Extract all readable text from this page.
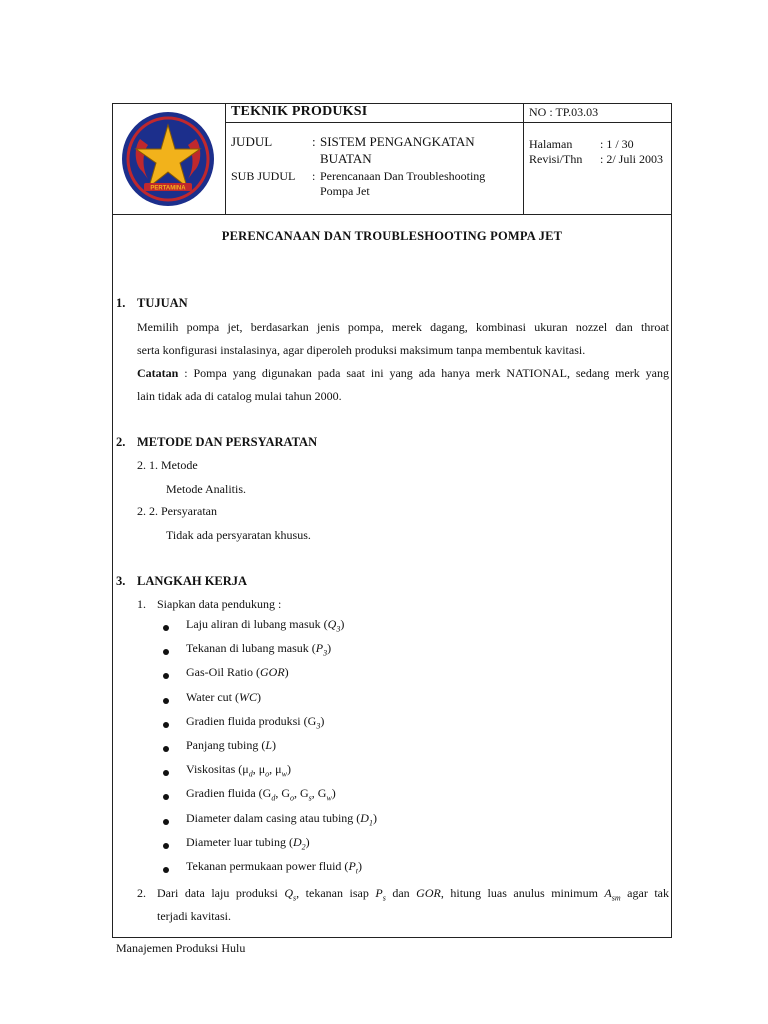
PERTAMINA
TEKNIK PRODUKSI
JUDUL	: SISTEM PENGANGKATAN
BUATAN
SUB JUDUL : Perencanaan Dan Troubleshooting
Pompa Jet
NO : TP.03.03
Halaman : 1 / 30
Revisi/Thn : 2/ Juli 2003
PERENCANAAN DAN TROUBLESHOOTING POMPA JET
1. TUJUAN
Memilih pompa jet, berdasarkan jenis pompa, merek dagang, kombinasi ukuran nozzel dan throat
serta konfigurasi instalasinya, agar diperoleh produksi maksimum tanpa membentuk kavitasi.
Catatan : Pompa yang digunakan pada saat ini yang ada hanya merk NATIONAL, sedang merk yang
lain tidak ada di catalog mulai tahun 2000.
2. METODE DAN PERSYARATAN
2. 1. Metode
Metode Analitis.
2. 2. Persyaratan
Tidak ada persyaratan khusus.
3. LANGKAH KERJA
1. Siapkan data pendukung :
Laju aliran di lubang masuk $(Q_3)$
Tekanan di lubang masuk $(P_3)$
Gas-Oil Ratio (GOR)
Water cut (WC)
Gradien fluida produksi $(G_3)$
Panjang tubing (L)
Viskositas ($\mu_d$, $\mu_o$, $\mu_w$)
Gradien fluida ($G_d$, $G_o$, $G_s$, $G_w$)
Diameter dalam casing atau tubing $(D_1)$
Diameter luar tubing $(D_2)$
Tekanan permukaan power fluid $(P_t)$
2. Dari data laju produksi $Q_s$, tekanan isap $P_s$ dan GOR, hitung luas anulus minimum $A_{sm}$ agar tak
terjadi kavitasi.
Manajemen Produksi Hulu
